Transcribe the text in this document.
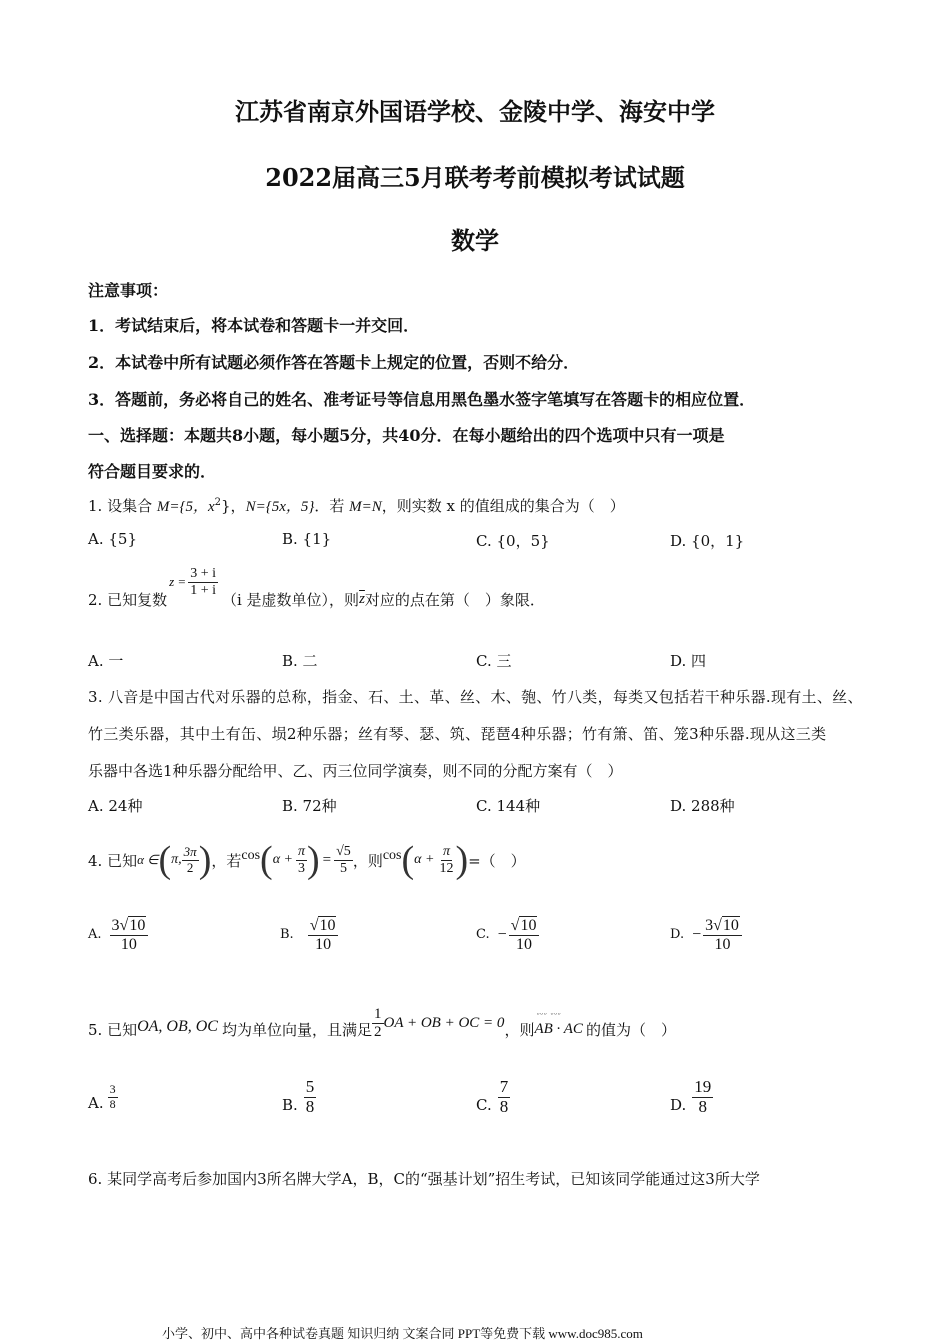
江苏省南京外国语学校、金陵中学、海安中学
2022届高三5月联考考前模拟考试试题
数学
注意事项：
1．考试结束后，将本试卷和答题卡一并交回．
2．本试卷中所有试题必须作答在答题卡上规定的位置，否则不给分．
3．答题前，务必将自己的姓名、准考证号等信息用黑色墨水签字笔填写在答题卡的相应位置．
一、选择题：本题共8小题，每小题5分，共40分．在每小题给出的四个选项中只有一项是
符合题目要求的．
1. 设集合 M={5，$x^2$}，N={5x，5}．若 M=N，则实数 x 的值组成的集合为（　）
A. {5}	B. {1}	C. {0，5}	D. {0，1}
2. 已知复数
$z = \frac{3 + i}{1 + i}$
（i 是虚数单位），则 $\overline{z}$ 对应的点在第（　）象限．
A. 一	B. 二	C. 三	D. 四
3. 八音是中国古代对乐器的总称，指金、石、土、革、丝、木、匏、竹八类，每类又包括若干种乐器.现有土、丝、
竹三类乐器，其中土有缶、埙2种乐器；丝有琴、瑟、筑、琵琶4种乐器；竹有箫、笛、笼3种乐器.现从这三类
乐器中各选1种乐器分配给甲、乙、丙三位同学演奏，则不同的分配方案有（　）
A. 24种	B. 72种	C. 144种	D. 288种
4. 已知 α ∈ ( π, $\frac{3\pi}{2}$ ) ，若 cos ( $\alpha + \frac{\pi}{3}$ ) = $\frac{√5}{5}$ ，则 cos ( $\alpha + \frac{\pi}{12}$ ) =（　）
A. $\frac{3√10}{10}$	B. $\frac{√10}{10}$	C. − $\frac{√10}{10}$	D. − $\frac{3√10}{10}$
5. 已知 OA, OB, OC 均为单位向量，且满足 $\frac{1}{2}$ OA + OB + OC = 0 ，则
ᵕᵕᵕ ᵕᵕᵕ
AB · AC 的值为（　）
A. $\frac{3}{8}$	B. $\frac{5}{8}$	C. $\frac{7}{8}$	D. $\frac{19}{8}$
6. 某同学高考后参加国内3所名牌大学A，B，C的“强基计划”招生考试，已知该同学能通过这3所大学
小学、初中、高中各种试卷真题 知识归纳 文案合同 PPT等免费下载 www.doc985.com
